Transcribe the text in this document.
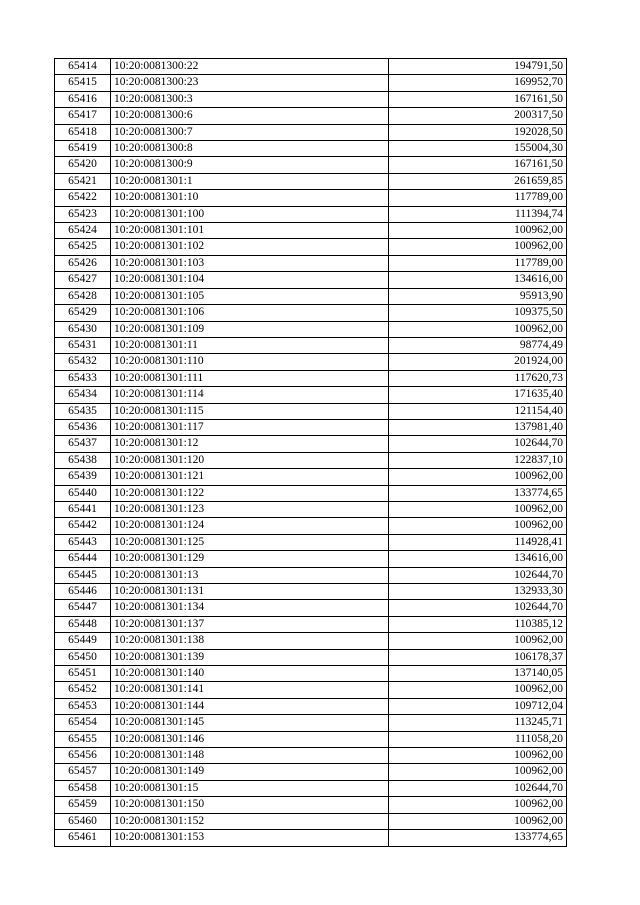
65414	10:20:0081300:22	194791,50
65415	10:20:0081300:23	169952,70
65416	10:20:0081300:3	167161,50
65417	10:20:0081300:6	200317,50
65418	10:20:0081300:7	192028,50
65419	10:20:0081300:8	155004,30
65420	10:20:0081300:9	167161,50
65421	10:20:0081301:1	261659,85
65422	10:20:0081301:10	117789,00
65423	10:20:0081301:100	111394,74
65424	10:20:0081301:101	100962,00
65425	10:20:0081301:102	100962,00
65426	10:20:0081301:103	117789,00
65427	10:20:0081301:104	134616,00
65428	10:20:0081301:105	95913,90
65429	10:20:0081301:106	109375,50
65430	10:20:0081301:109	100962,00
65431	10:20:0081301:11	98774,49
65432	10:20:0081301:110	201924,00
65433	10:20:0081301:111	117620,73
65434	10:20:0081301:114	171635,40
65435	10:20:0081301:115	121154,40
65436	10:20:0081301:117	137981,40
65437	10:20:0081301:12	102644,70
65438	10:20:0081301:120	122837,10
65439	10:20:0081301:121	100962,00
65440	10:20:0081301:122	133774,65
65441	10:20:0081301:123	100962,00
65442	10:20:0081301:124	100962,00
65443	10:20:0081301:125	114928,41
65444	10:20:0081301:129	134616,00
65445	10:20:0081301:13	102644,70
65446	10:20:0081301:131	132933,30
65447	10:20:0081301:134	102644,70
65448	10:20:0081301:137	110385,12
65449	10:20:0081301:138	100962,00
65450	10:20:0081301:139	106178,37
65451	10:20:0081301:140	137140,05
65452	10:20:0081301:141	100962,00
65453	10:20:0081301:144	109712,04
65454	10:20:0081301:145	113245,71
65455	10:20:0081301:146	111058,20
65456	10:20:0081301:148	100962,00
65457	10:20:0081301:149	100962,00
65458	10:20:0081301:15	102644,70
65459	10:20:0081301:150	100962,00
65460	10:20:0081301:152	100962,00
65461	10:20:0081301:153	133774,65
